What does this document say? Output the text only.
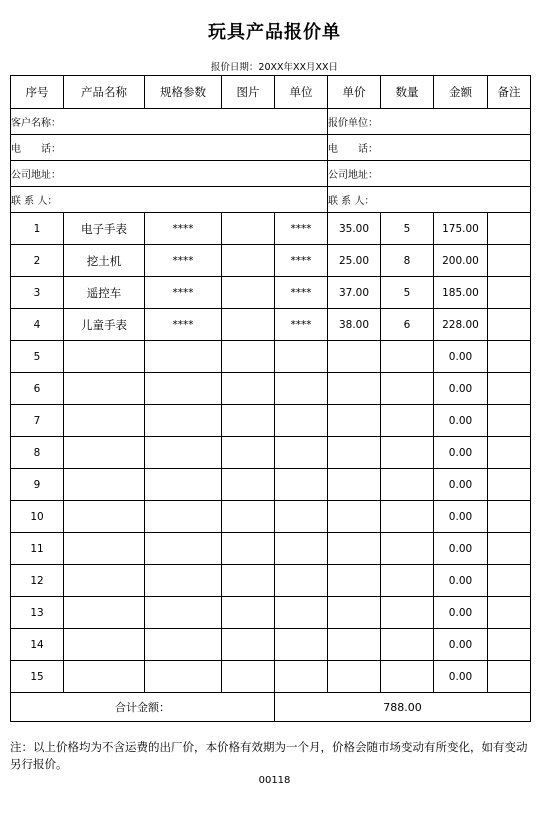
玩具产品报价单
报价日期：20XX年XX月XX日
客户名称：					报价单位：			
电　　话：					电　　话：			
公司地址：					公司地址：			
联 系 人：					联 系 人：			
序号	产品名称	规格参数	图片	单位	单价	数量	金额	备注
1	电子手表	****		****	35.00	5	175.00	
2	挖土机	****		****	25.00	8	200.00	
3	遥控车	****		****	37.00	5	185.00	
4	儿童手表	****		****	38.00	6	228.00	
5							0.00	
6							0.00	
7							0.00	
8							0.00	
9							0.00	
10							0.00	
11							0.00	
12							0.00	
13							0.00	
14							0.00	
15							0.00	
合计金额：				788.00				
注：以上价格均为不含运费的出厂价，本价格有效期为一个月，价格会随市场变动有所变化，如有变动另行报价。
00118
